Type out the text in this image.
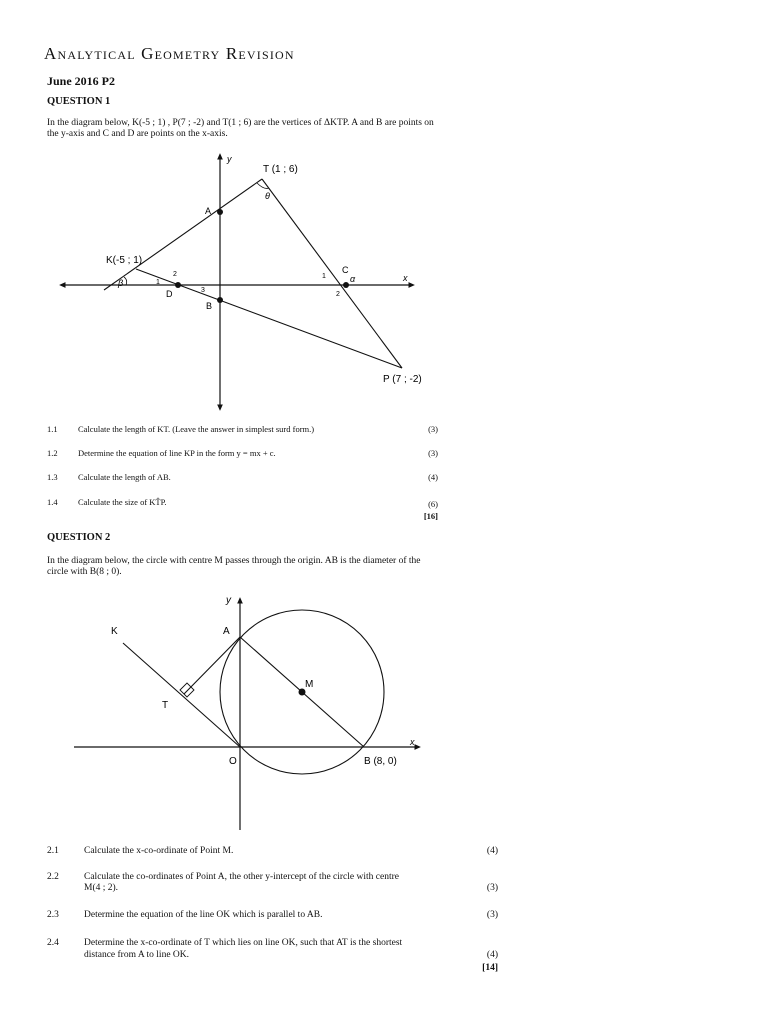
Analytical Geometry Revision
June 2016 P2
QUESTION 1
In the diagram below, K(-5 ; 1) , P(7 ; -2) and T(1 ; 6) are the vertices of ΔKTP. A and B are points on
the y-axis and C and D are points on the x-axis.
y
x
T (1 ; 6)
θ
A
K(-5 ; 1)
β
D
1
2
B
3
C
α
1
2
P (7 ; -2)
1.1 Calculate the length of KT. (Leave the answer in simplest surd form.)	(3)
1.2 Determine the equation of line KP in the form y = mx + c.	(3)
1.3 Calculate the length of AB.	(4)
1.4 Calculate the size of KT̂P.	(6)
[16]
QUESTION 2
In the diagram below, the circle with centre M passes through the origin. AB is the diameter of the
circle with B(8 ; 0).
y
x
K	A
M
T
O	B (8, 0)
2.1	Calculate the x-co-ordinate of Point M.	(4)
2.2	Calculate the co-ordinates of Point A, the other y-intercept of the circle with centre
M(4 ; 2).	(3)
2.3	Determine the equation of the line OK which is parallel to AB.	(3)
2.4	Determine the x-co-ordinate of T which lies on line OK, such that AT is the shortest
distance from A to line OK.	(4)
[14]
